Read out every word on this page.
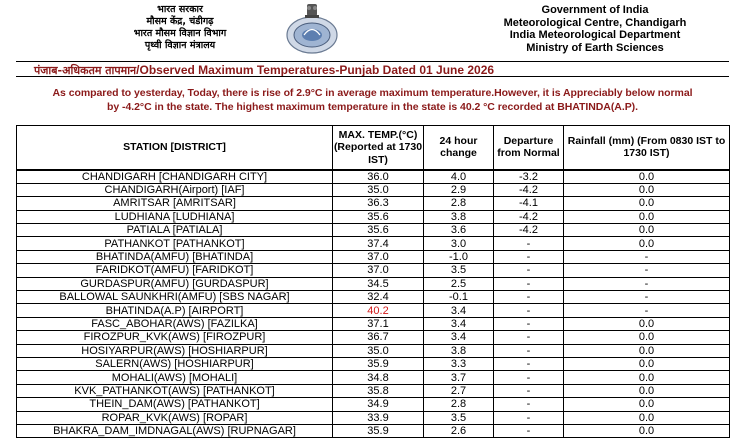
भारत सरकार
मौसम केंद्र, चंडीगढ़
भारत मौसम विज्ञान विभाग
पृथ्वी विज्ञान मंत्रालय
Government of India
Meteorological Centre, Chandigarh
India Meteorological Department
Ministry of Earth Sciences
पंजाब-अधिकतम तापमान/Observed Maximum Temperatures-Punjab Dated 01 June 2026
As compared to yesterday, Today, there is rise of 2.9°C in average maximum temperature.However, it is Appreciably below normal
by -4.2°C in the state. The highest maximum temperature in the state is 40.2 °C recorded at BHATINDA(A.P).
STATION [DISTRICT]	MAX. TEMP.(°C) (Reported at 1730 IST)	24 hour change	Departure from Normal	Rainfall (mm) (From 0830 IST to 1730 IST)
CHANDIGARH [CHANDIGARH CITY]	36.0	4.0	-3.2	0.0
CHANDIGARH(Airport) [IAF]	35.0	2.9	-4.2	0.0
AMRITSAR [AMRITSAR]	36.3	2.8	-4.1	0.0
LUDHIANA [LUDHIANA]	35.6	3.8	-4.2	0.0
PATIALA [PATIALA]	35.6	3.6	-4.2	0.0
PATHANKOT [PATHANKOT]	37.4	3.0	-	0.0
BHATINDA(AMFU) [BHATINDA]	37.0	-1.0	-	-
FARIDKOT(AMFU) [FARIDKOT]	37.0	3.5	-	-
GURDASPUR(AMFU) [GURDASPUR]	34.5	2.5	-	-
BALLOWAL SAUNKHRI(AMFU) [SBS NAGAR]	32.4	-0.1	-	-
BHATINDA(A.P) [AIRPORT]	40.2	3.4	-	-
FASC_ABOHAR(AWS) [FAZILKA]	37.1	3.4	-	0.0
FIROZPUR_KVK(AWS) [FIROZPUR]	36.7	3.4	-	0.0
HOSIYARPUR(AWS) [HOSHIARPUR]	35.0	3.8	-	0.0
SALERN(AWS) [HOSHIARPUR]	35.9	3.3	-	0.0
MOHALI(AWS) [MOHALI]	34.8	3.7	-	0.0
KVK_PATHANKOT(AWS) [PATHANKOT]	35.8	2.7	-	0.0
THEIN_DAM(AWS) [PATHANKOT]	34.9	2.8	-	0.0
ROPAR_KVK(AWS) [ROPAR]	33.9	3.5	-	0.0
BHAKRA_DAM_IMDNAGAL(AWS) [RUPNAGAR]	35.9	2.6	-	0.0
